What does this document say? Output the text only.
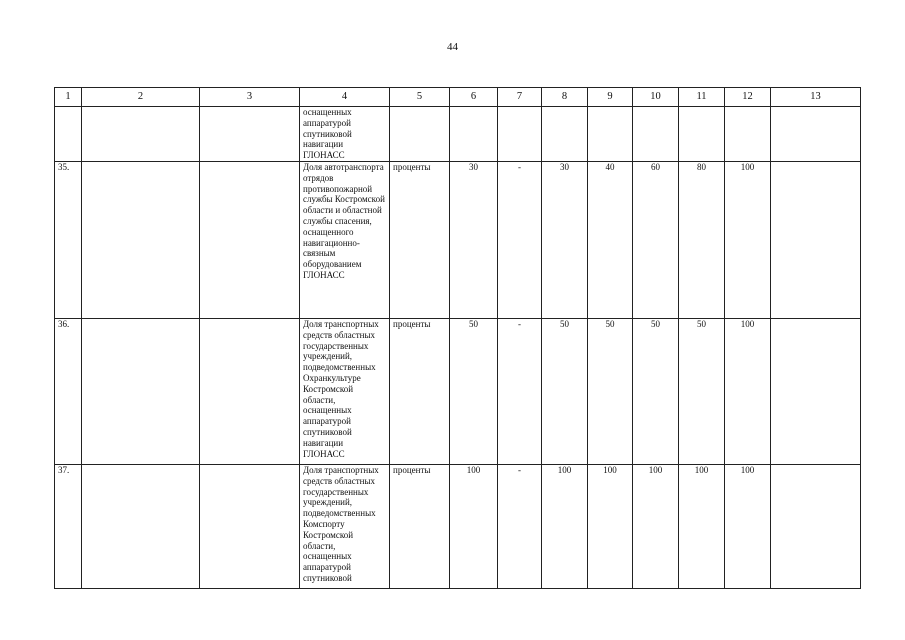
44
1	2	3	4	5	6	7	8	9	10	11	12	13
			оснащенных аппаратурой спутниковой навигации ГЛОНАСС									
35.			Доля автотранспорта отрядов противопожарной службы Костромской области и областной службы спасения, оснащенного навигационно-связным оборудованием ГЛОНАСС	проценты	30	-	30	40	60	80	100	
36.			Доля транспортных средств областных государственных учреждений, подведомственных Охранкультуре Костромской области, оснащенных аппаратурой спутниковой навигации ГЛОНАСС	проценты	50	-	50	50	50	50	100	
37.			Доля транспортных средств областных государственных учреждений, подведомственных Комспорту Костромской области, оснащенных аппаратурой спутниковой	проценты	100	-	100	100	100	100	100	
